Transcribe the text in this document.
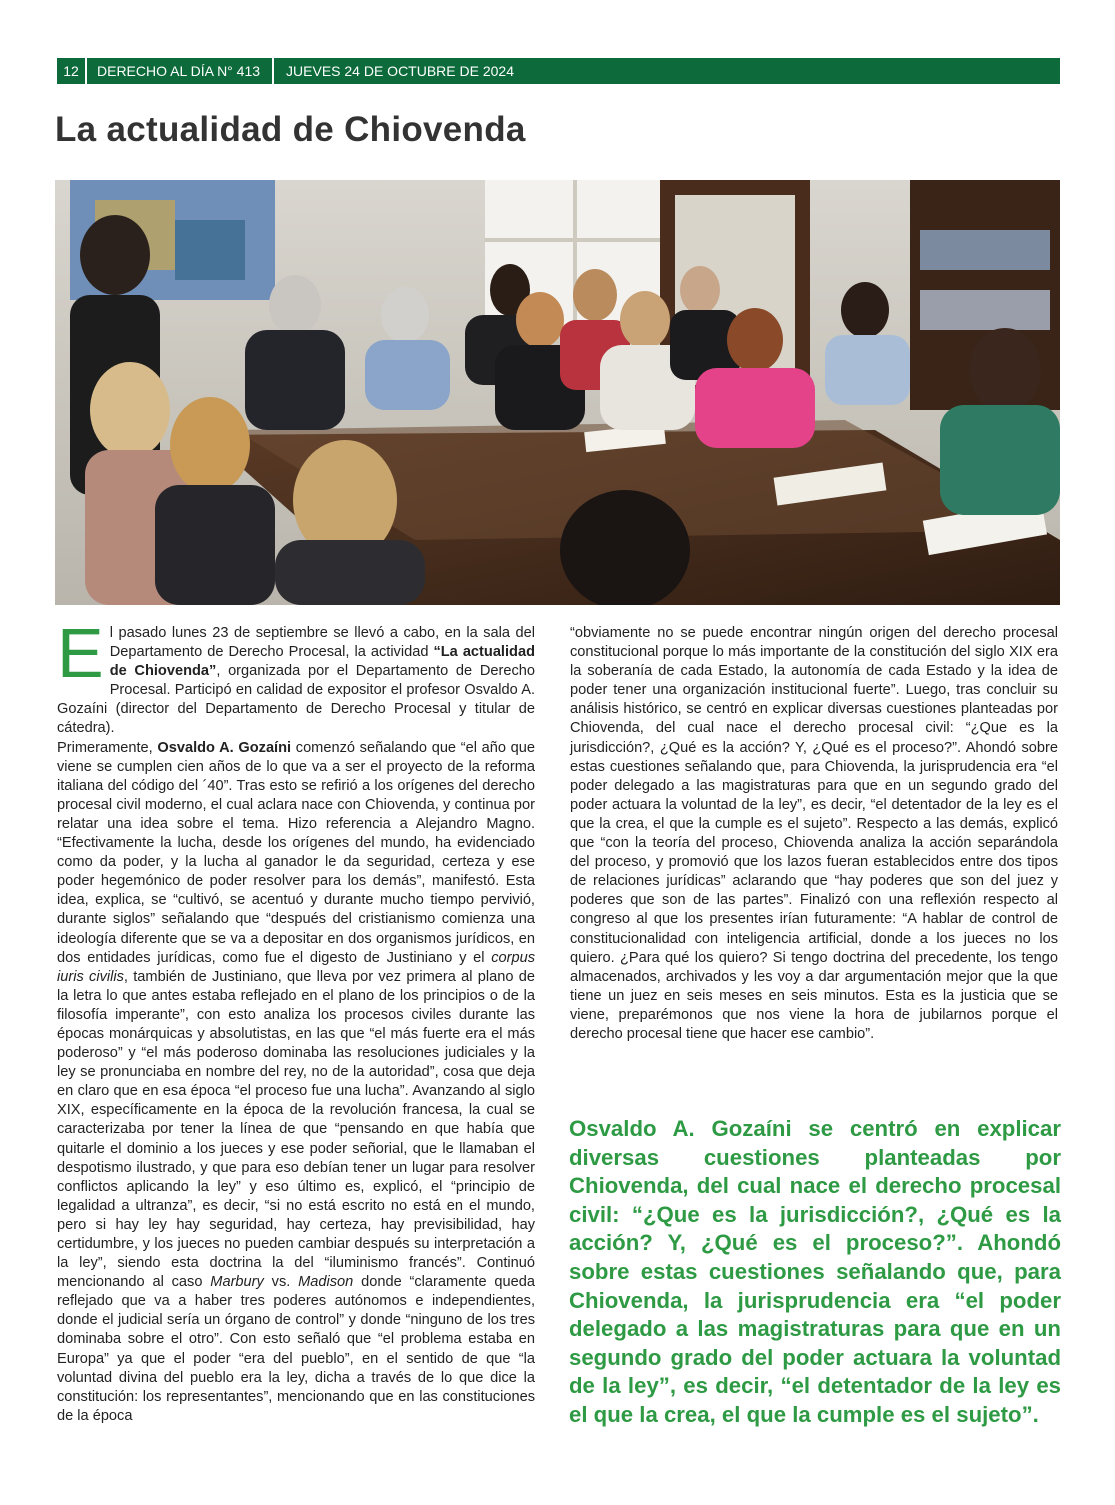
12	DERECHO AL DÍA N° 413	JUEVES 24 DE OCTUBRE DE 2024
La actualidad de Chiovenda

El pasado lunes 23 de septiembre se llevó a cabo, en la sala del Departamento de Derecho Procesal, la actividad “La actualidad de Chiovenda”, organizada por el Departamento de Derecho Procesal. Participó en calidad de expositor el profesor Osvaldo A. Gozaíni (director del Departamento de Derecho Procesal y titular de cátedra).

Primeramente, Osvaldo A. Gozaíni comenzó señalando que “el año que viene se cumplen cien años de lo que va a ser el proyecto de la reforma italiana del código del ´40”. Tras esto se refirió a los orígenes del derecho procesal civil moderno, el cual aclara nace con Chiovenda, y continua por relatar una idea sobre el tema. Hizo referencia a Alejandro Magno. “Efectivamente la lucha, desde los orígenes del mundo, ha evidenciado como da poder, y la lucha al ganador le da seguridad, certeza y ese poder hegemónico de poder resolver para los demás”, manifestó. Esta idea, explica, se “cultivó, se acentuó y durante mucho tiempo pervivió, durante siglos” señalando que “después del cristianismo comienza una ideología diferente que se va a depositar en dos organismos jurídicos, en dos entidades jurídicas, como fue el digesto de Justiniano y el corpus iuris civilis, también de Justiniano, que lleva por vez primera al plano de la letra lo que antes estaba reflejado en el plano de los principios o de la filosofía imperante”, con esto analiza los procesos civiles durante las épocas monárquicas y absolutistas, en las que “el más fuerte era el más poderoso” y “el más poderoso dominaba las resoluciones judiciales y la ley se pronunciaba en nombre del rey, no de la autoridad”, cosa que deja en claro que en esa época “el proceso fue una lucha”. Avanzando al siglo XIX, específicamente en la época de la revolución francesa, la cual se caracterizaba por tener la línea de que “pensando en que había que quitarle el dominio a los jueces y ese poder señorial, que le llamaban el despotismo ilustrado, y que para eso debían tener un lugar para resolver conflictos aplicando la ley” y eso último es, explicó, el “principio de legalidad a ultranza”, es decir, “si no está escrito no está en el mundo, pero si hay ley hay seguridad, hay certeza, hay previsibilidad, hay certidumbre, y los jueces no pueden cambiar después su interpretación a la ley”, siendo esta doctrina la del “iluminismo francés”. Continuó mencionando al caso Marbury vs. Madison donde “claramente queda reflejado que va a haber tres poderes autónomos e independientes, donde el judicial sería un órgano de control” y donde “ninguno de los tres dominaba sobre el otro”. Con esto señaló que “el problema estaba en Europa” ya que el poder “era del pueblo”, en el sentido de que “la voluntad divina del pueblo era la ley, dicha a través de lo que dice la constitución: los representantes”, mencionando que en las constituciones de la época

“obviamente no se puede encontrar ningún origen del derecho procesal constitucional porque lo más importante de la constitución del siglo XIX era la soberanía de cada Estado, la autonomía de cada Estado y la idea de poder tener una organización institucional fuerte”. Luego, tras concluir su análisis histórico, se centró en explicar diversas cuestiones planteadas por Chiovenda, del cual nace el derecho procesal civil: “¿Que es la jurisdicción?, ¿Qué es la acción? Y, ¿Qué es el proceso?”. Ahondó sobre estas cuestiones señalando que, para Chiovenda, la jurisprudencia era “el poder delegado a las magistraturas para que en un segundo grado del poder actuara la voluntad de la ley”, es decir, “el detentador de la ley es el que la crea, el que la cumple es el sujeto”. Respecto a las demás, explicó que “con la teoría del proceso, Chiovenda analiza la acción separándola del proceso, y promovió que los lazos fueran establecidos entre dos tipos de relaciones jurídicas” aclarando que “hay poderes que son del juez y poderes que son de las partes”. Finalizó con una reflexión respecto al congreso al que los presentes irían futuramente: “A hablar de control de constitucionalidad con inteligencia artificial, donde a los jueces no los quiero. ¿Para qué los quiero? Si tengo doctrina del precedente, los tengo almacenados, archivados y les voy a dar argumentación mejor que la que tiene un juez en seis meses en seis minutos. Esta es la justicia que se viene, preparémonos que nos viene la hora de jubilarnos porque el derecho procesal tiene que hacer ese cambio”.

Osvaldo A. Gozaíni se centró en explicar diversas cuestiones planteadas por Chiovenda, del cual nace el derecho procesal civil: “¿Que es la jurisdicción?, ¿Qué es la acción? Y, ¿Qué es el proceso?”. Ahondó sobre estas cuestiones señalando que, para Chiovenda, la jurisprudencia era “el poder delegado a las magistraturas para que en un segundo grado del poder actuara la voluntad de la ley”, es decir, “el detentador de la ley es el que la crea, el que la cumple es el sujeto”.
